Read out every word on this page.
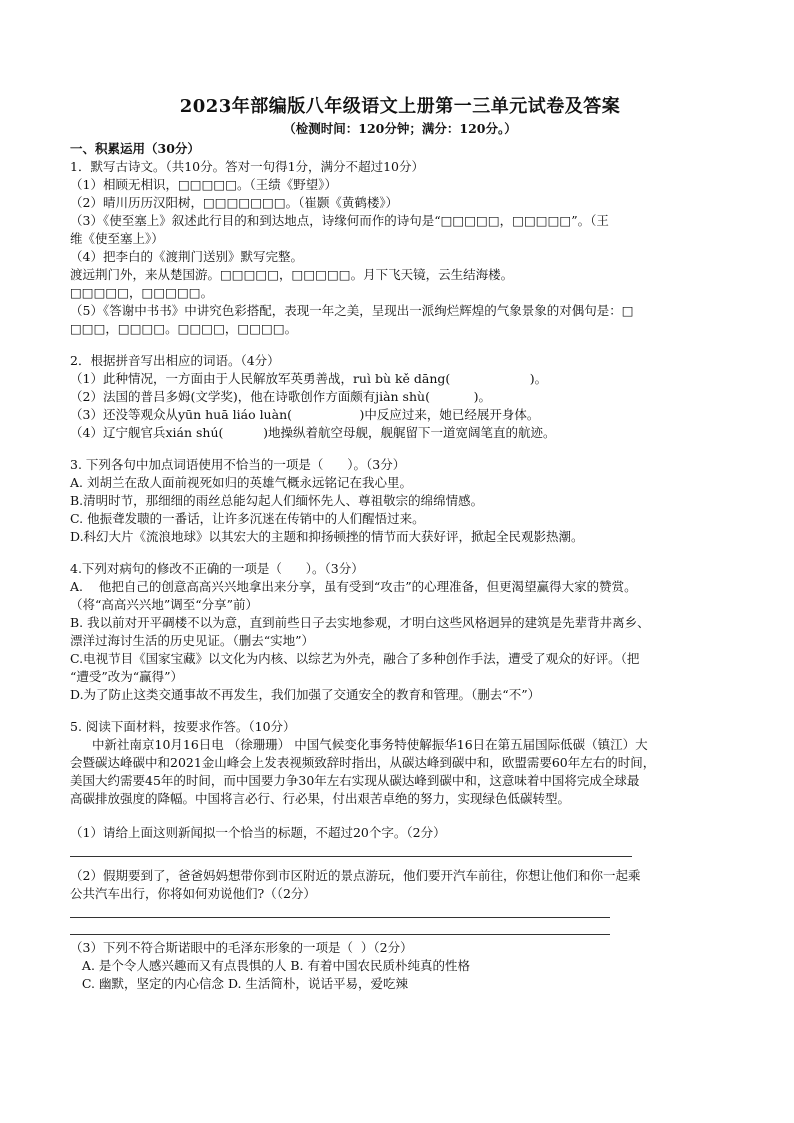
2023年部编版八年级语文上册第一三单元试卷及答案
（检测时间：120分钟；满分：120分。）
一、积累运用（30分）
1．默写古诗文。（共10分。答对一句得1分，满分不超过10分）
（1）相顾无相识，□□□□□。（王绩《野望》）
（2）晴川历历汉阳树，□□□□□□□。（崔颢《黄鹤楼》）
（3）《使至塞上》叙述此行目的和到达地点，诗缘何而作的诗句是“□□□□□，□□□□□”。（王
维《使至塞上》）
（4）把李白的《渡荆门送别》默写完整。
渡远荆门外，来从楚国游。□□□□□，□□□□□。月下飞天镜，云生结海楼。
□□□□□，□□□□□。
（5）《答谢中书书》中讲究色彩搭配，表现一年之美，呈现出一派绚烂辉煌的气象景象的对偶句是：□
□□□，□□□□。□□□□，□□□□。
2．根据拼音写出相应的词语。（4分）
（1）此种情况，一方面由于人民解放军英勇善战，ruì bù kě dāng(                    )。
（2）法国的普吕多姆(文学奖)，他在诗歌创作方面颇有jiàn shù(           )。
（3）还没等观众从yūn huā liáo luàn(                 )中反应过来，她已经展开身体。
（4）辽宁舰官兵xián shú(          )地操纵着航空母舰，舰艉留下一道宽阔笔直的航迹。
3. 下列各句中加点词语使用不恰当的一项是（      ）。（3分）
A. 刘胡兰在敌人面前视死如归的英雄气概永远铭记在我心里。
B.清明时节，那细细的雨丝总能勾起人们缅怀先人、尊祖敬宗的绵绵情感。
C. 他振聋发聩的一番话，让许多沉迷在传销中的人们醒悟过来。
D.科幻大片《流浪地球》以其宏大的主题和抑扬顿挫的情节而大获好评，掀起全民观影热潮。
4.下列对病句的修改不正确的一项是（      ）。（3分）
A.    他把自己的创意高高兴兴地拿出来分享，虽有受到“攻击”的心理准备，但更渴望赢得大家的赞赏。
（将“高高兴兴地”调至“分享”前）
B. 我以前对开平碉楼不以为意，直到前些日子去实地参观，才明白这些风格迥异的建筑是先辈背井离乡、
漂洋过海讨生活的历史见证。（删去“实地”）
C.电视节目《国家宝藏》以文化为内核、以综艺为外壳，融合了多种创作手法，遭受了观众的好评。（把
“遭受”改为“赢得”）
D.为了防止这类交通事故不再发生，我们加强了交通安全的教育和管理。（删去“不”）
5. 阅读下面材料，按要求作答。（10分）
中新社南京10月16日电 （徐珊珊） 中国气候变化事务特使解振华16日在第五届国际低碳（镇江）大
会暨碳达峰碳中和2021金山峰会上发表视频致辞时指出，从碳达峰到碳中和，欧盟需要60年左右的时间，
美国大约需要45年的时间，而中国要力争30年左右实现从碳达峰到碳中和，这意味着中国将完成全球最
高碳排放强度的降幅。中国将言必行、行必果，付出艰苦卓绝的努力，实现绿色低碳转型。
（1）请给上面这则新闻拟一个恰当的标题，不超过20个字。（2分）
（2）假期要到了，爸爸妈妈想带你到市区附近的景点游玩，他们要开汽车前往，你想让他们和你一起乘
公共汽车出行，你将如何劝说他们?（（2分）
（3）下列不符合斯诺眼中的毛泽东形象的一项是（  ）（2分）
A. 是个令人感兴趣而又有点畏惧的人 B. 有着中国农民质朴纯真的性格
C. 幽默，坚定的内心信念 D. 生活简朴，说话平易，爱吃辣
